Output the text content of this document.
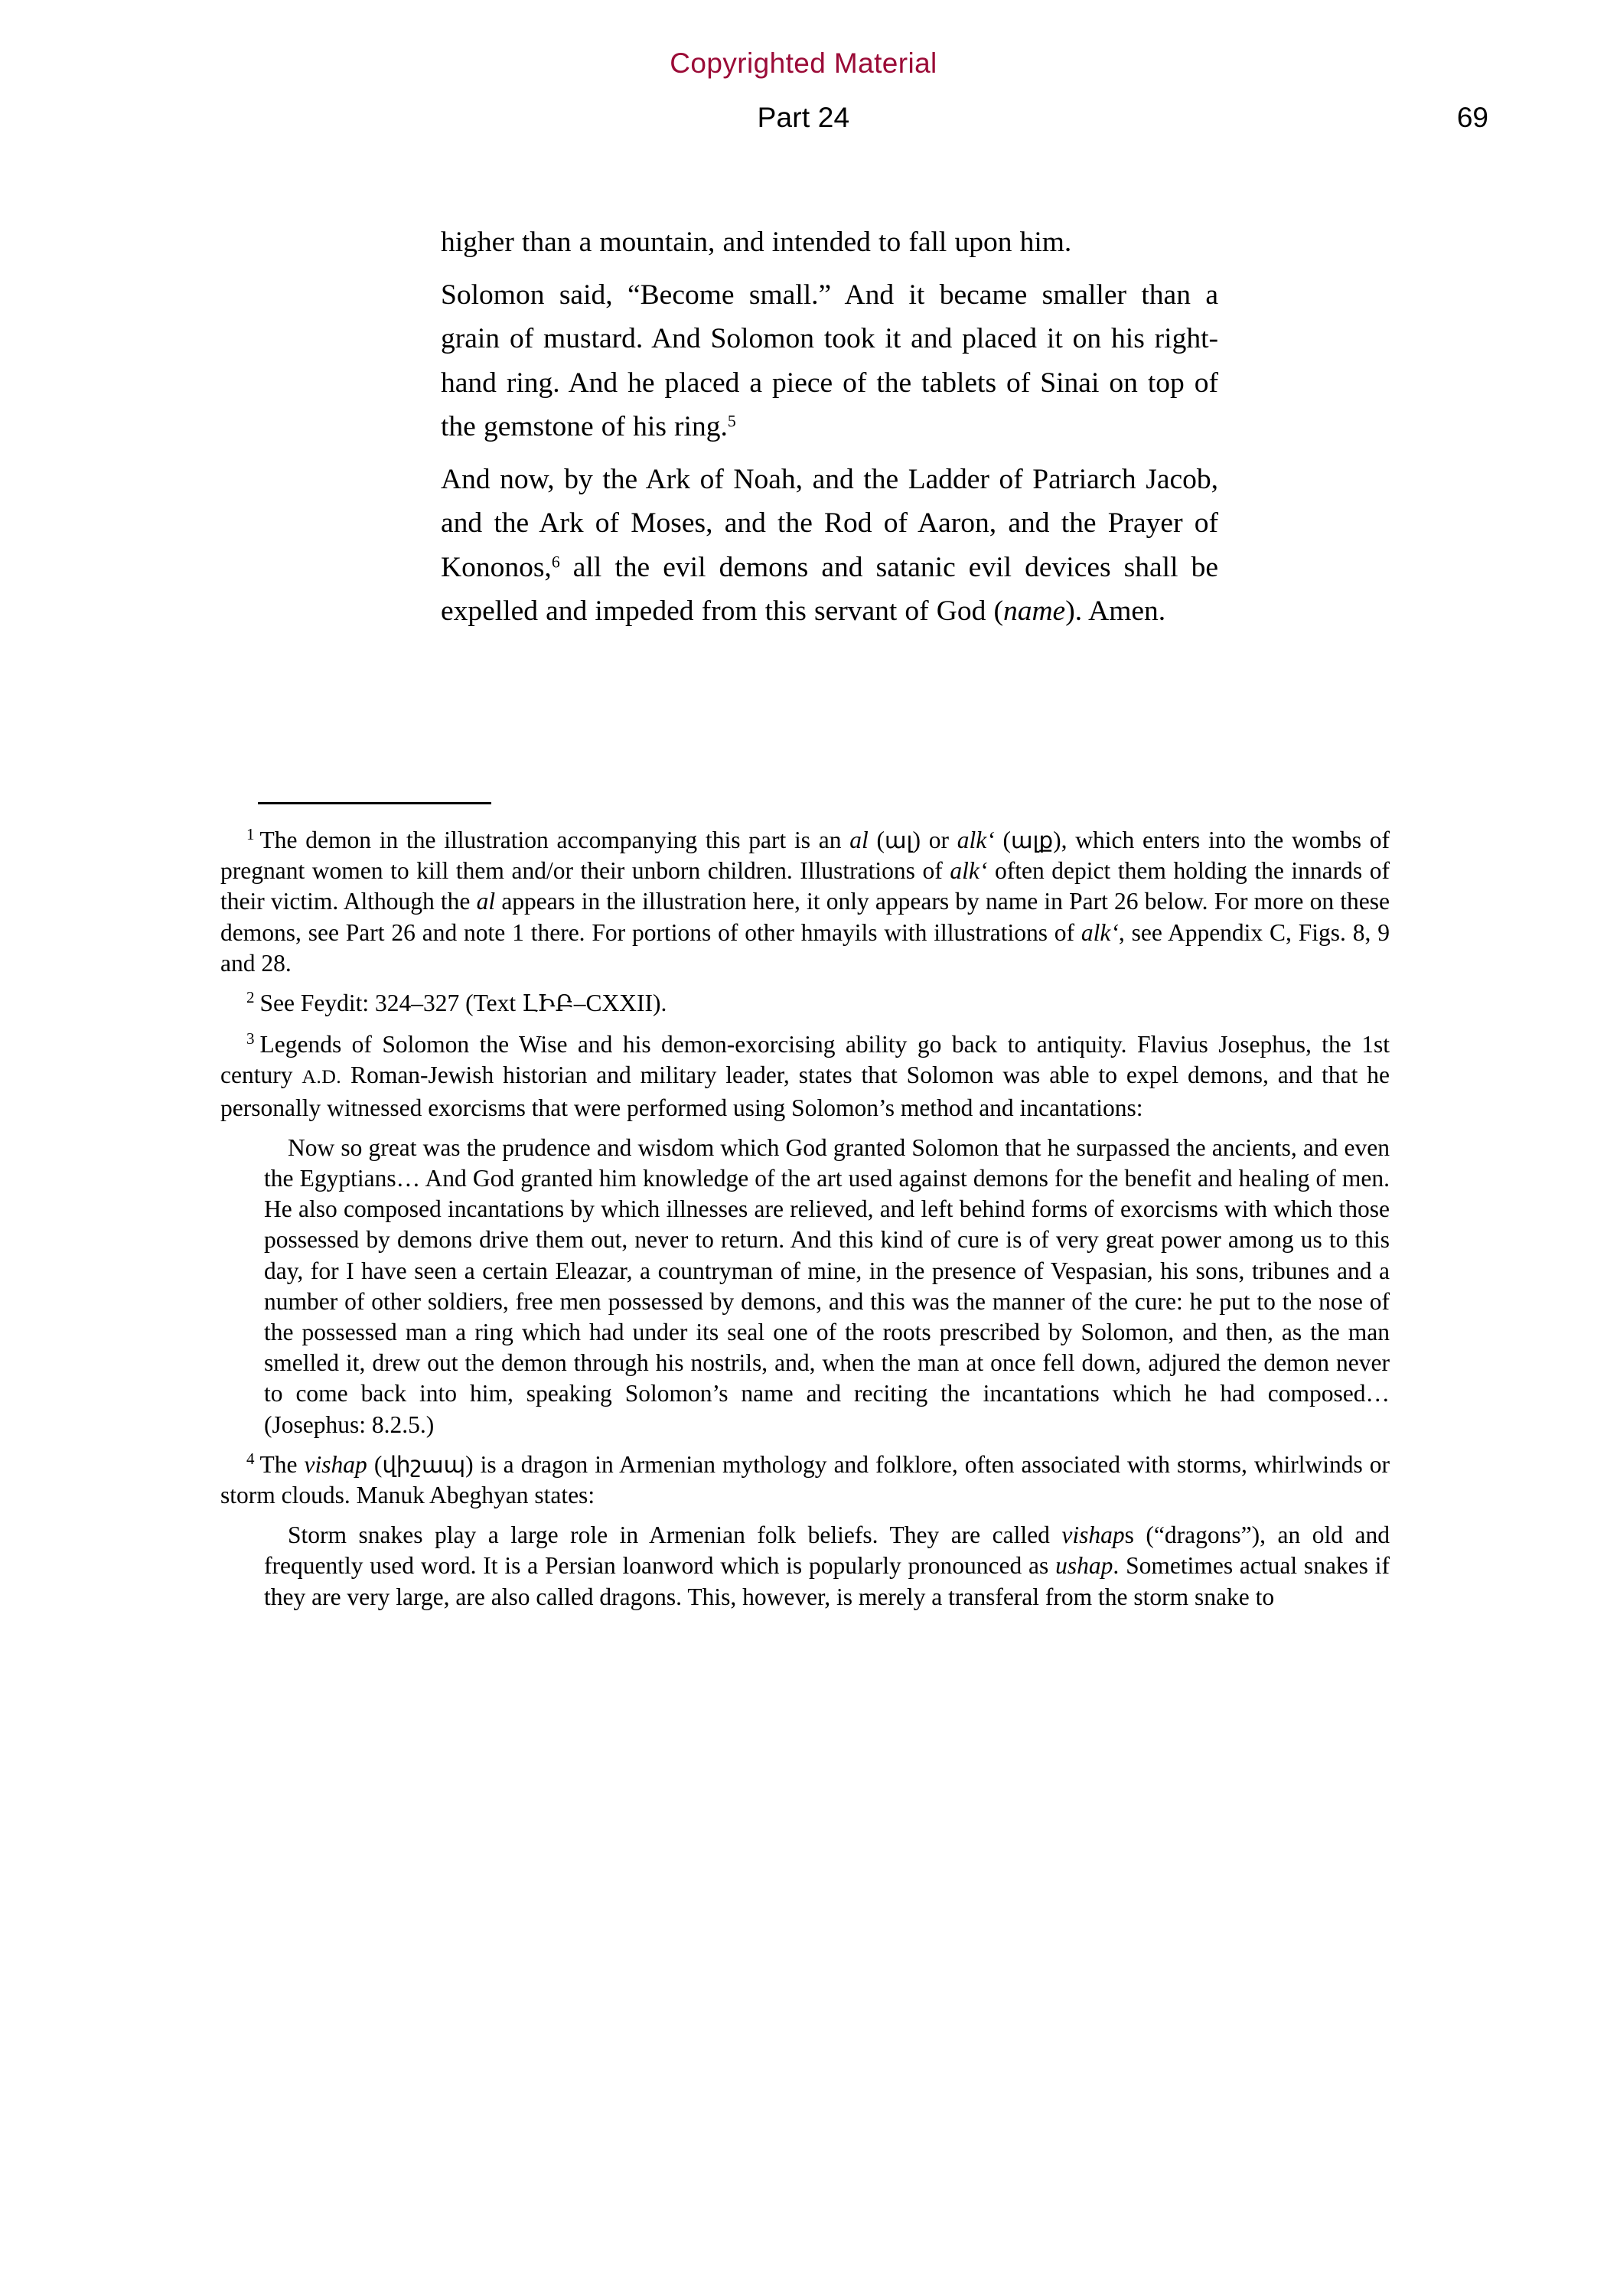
Copyrighted Material
Part 24	69

higher than a mountain, and intended to fall upon him.

Solomon said, “Become small.” And it became smaller than a grain of mustard. And Solomon took it and placed it on his right-hand ring. And he placed a piece of the tablets of Sinai on top of the gemstone of his ring.$^5$

And now, by the Ark of Noah, and the Ladder of Patriarch Jacob, and the Ark of Moses, and the Rod of Aaron, and the Prayer of Kononos,$^6$ all the evil demons and satanic evil devices shall be expelled and impeded from this servant of God (name). Amen.

$^1$ The demon in the illustration accompanying this part is an al (ալ) or alk‘ (ալք), which enters into the wombs of pregnant women to kill them and/or their unborn children. Illustrations of alk‘ often depict them holding the innards of their victim. Although the al appears in the illustration here, it only appears by name in Part 26 below. For more on these demons, see Part 26 and note 1 there. For portions of other hmayils with illustrations of alk‘, see Appendix C, Figs. 8, 9 and 28.

$^2$ See Feydit: 324–327 (Text ԼԻԲ–CXXII).

$^3$ Legends of Solomon the Wise and his demon-exorcising ability go back to antiquity. Flavius Josephus, the 1st century A.D. Roman-Jewish historian and military leader, states that Solomon was able to expel demons, and that he personally witnessed exorcisms that were performed using Solomon’s method and incantations:

Now so great was the prudence and wisdom which God granted Solomon that he surpassed the ancients, and even the Egyptians… And God granted him knowledge of the art used against demons for the benefit and healing of men. He also composed incantations by which illnesses are relieved, and left behind forms of exorcisms with which those possessed by demons drive them out, never to return. And this kind of cure is of very great power among us to this day, for I have seen a certain Eleazar, a countryman of mine, in the presence of Vespasian, his sons, tribunes and a number of other soldiers, free men possessed by demons, and this was the manner of the cure: he put to the nose of the possessed man a ring which had under its seal one of the roots prescribed by Solomon, and then, as the man smelled it, drew out the demon through his nostrils, and, when the man at once fell down, adjured the demon never to come back into him, speaking Solomon’s name and reciting the incantations which he had composed… (Josephus: 8.2.5.)

$^4$ The vishap (վիշապ) is a dragon in Armenian mythology and folklore, often associated with storms, whirlwinds or storm clouds. Manuk Abeghyan states:

Storm snakes play a large role in Armenian folk beliefs. They are called vishaps (“dragons”), an old and frequently used word. It is a Persian loanword which is popularly pronounced as ushap. Sometimes actual snakes if they are very large, are also called dragons. This, however, is merely a transferal from the storm snake to
